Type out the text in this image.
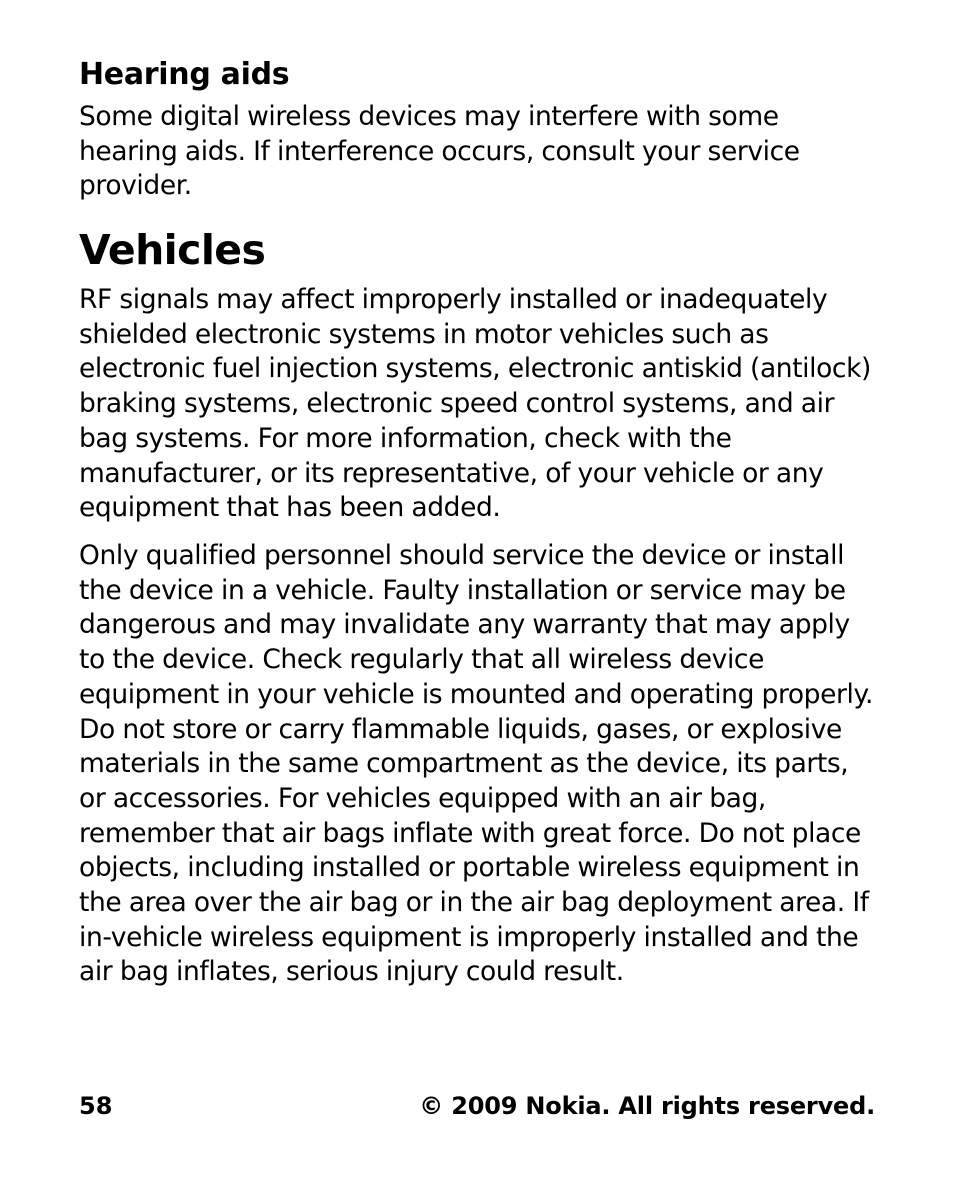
Hearing aids

Some digital wireless devices may interfere with some hearing aids. If interference occurs, consult your service provider.

Vehicles

RF signals may affect improperly installed or inadequately shielded electronic systems in motor vehicles such as electronic fuel injection systems, electronic antiskid (antilock) braking systems, electronic speed control systems, and air bag systems. For more information, check with the manufacturer, or its representative, of your vehicle or any equipment that has been added.

Only qualified personnel should service the device or install the device in a vehicle. Faulty installation or service may be dangerous and may invalidate any warranty that may apply to the device. Check regularly that all wireless device equipment in your vehicle is mounted and operating properly. Do not store or carry flammable liquids, gases, or explosive materials in the same compartment as the device, its parts, or accessories. For vehicles equipped with an air bag, remember that air bags inflate with great force. Do not place objects, including installed or portable wireless equipment in the area over the air bag or in the air bag deployment area. If in-vehicle wireless equipment is improperly installed and the air bag inflates, serious injury could result.

58	© 2009 Nokia. All rights reserved.
